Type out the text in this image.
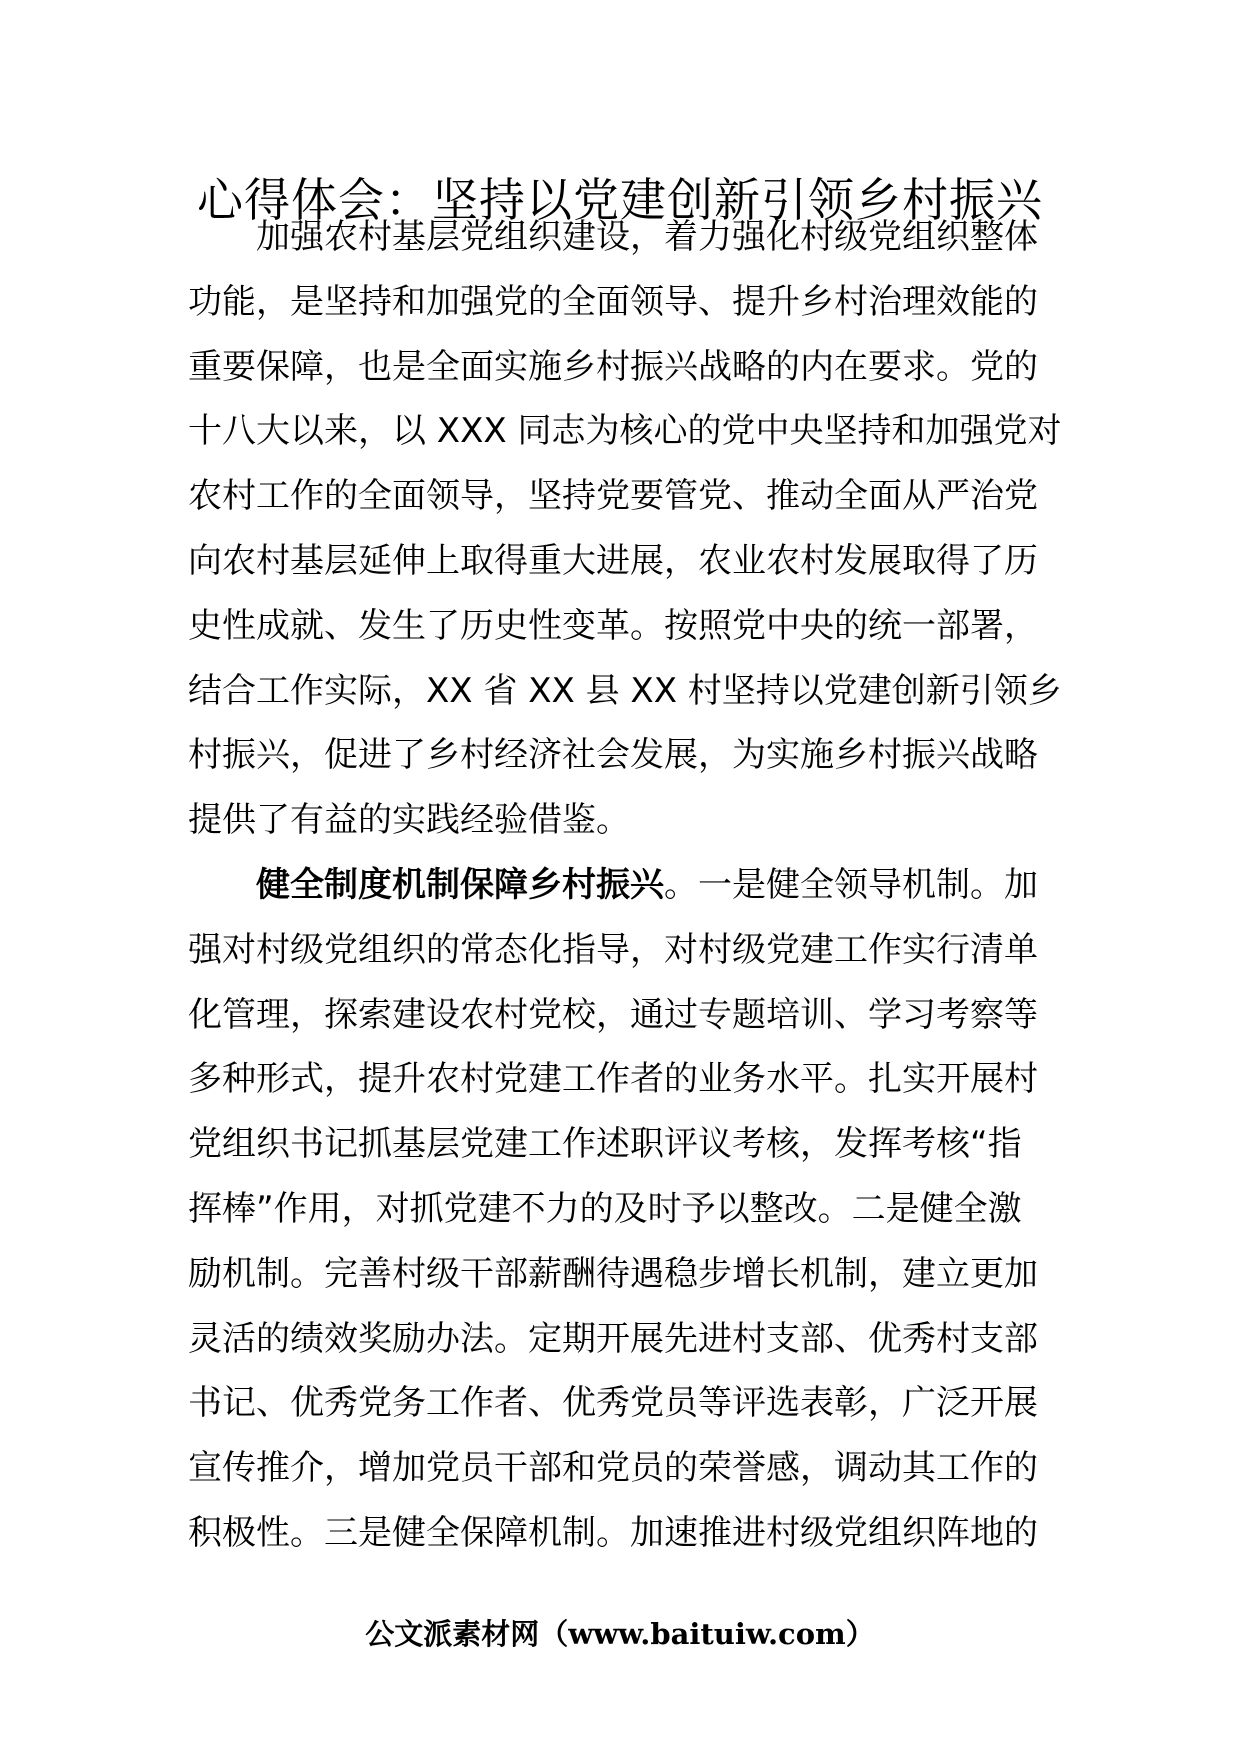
心得体会：坚持以党建创新引领乡村振兴
加强农村基层党组织建设，着力强化村级党组织整体
功能，是坚持和加强党的全面领导、提升乡村治理效能的
重要保障，也是全面实施乡村振兴战略的内在要求。党的
十八大以来，以 XXX 同志为核心的党中央坚持和加强党对
农村工作的全面领导，坚持党要管党、推动全面从严治党
向农村基层延伸上取得重大进展，农业农村发展取得了历
史性成就、发生了历史性变革。按照党中央的统一部署，
结合工作实际，XX 省 XX 县 XX 村坚持以党建创新引领乡
村振兴，促进了乡村经济社会发展，为实施乡村振兴战略
提供了有益的实践经验借鉴。
健全制度机制保障乡村振兴。一是健全领导机制。加
强对村级党组织的常态化指导，对村级党建工作实行清单
化管理，探索建设农村党校，通过专题培训、学习考察等
多种形式，提升农村党建工作者的业务水平。扎实开展村
党组织书记抓基层党建工作述职评议考核，发挥考核“指
挥棒”作用，对抓党建不力的及时予以整改。二是健全激
励机制。完善村级干部薪酬待遇稳步增长机制，建立更加
灵活的绩效奖励办法。定期开展先进村支部、优秀村支部
书记、优秀党务工作者、优秀党员等评选表彰，广泛开展
宣传推介，增加党员干部和党员的荣誉感，调动其工作的
积极性。三是健全保障机制。加速推进村级党组织阵地的
公文派素材网（www.baituiw.com）
